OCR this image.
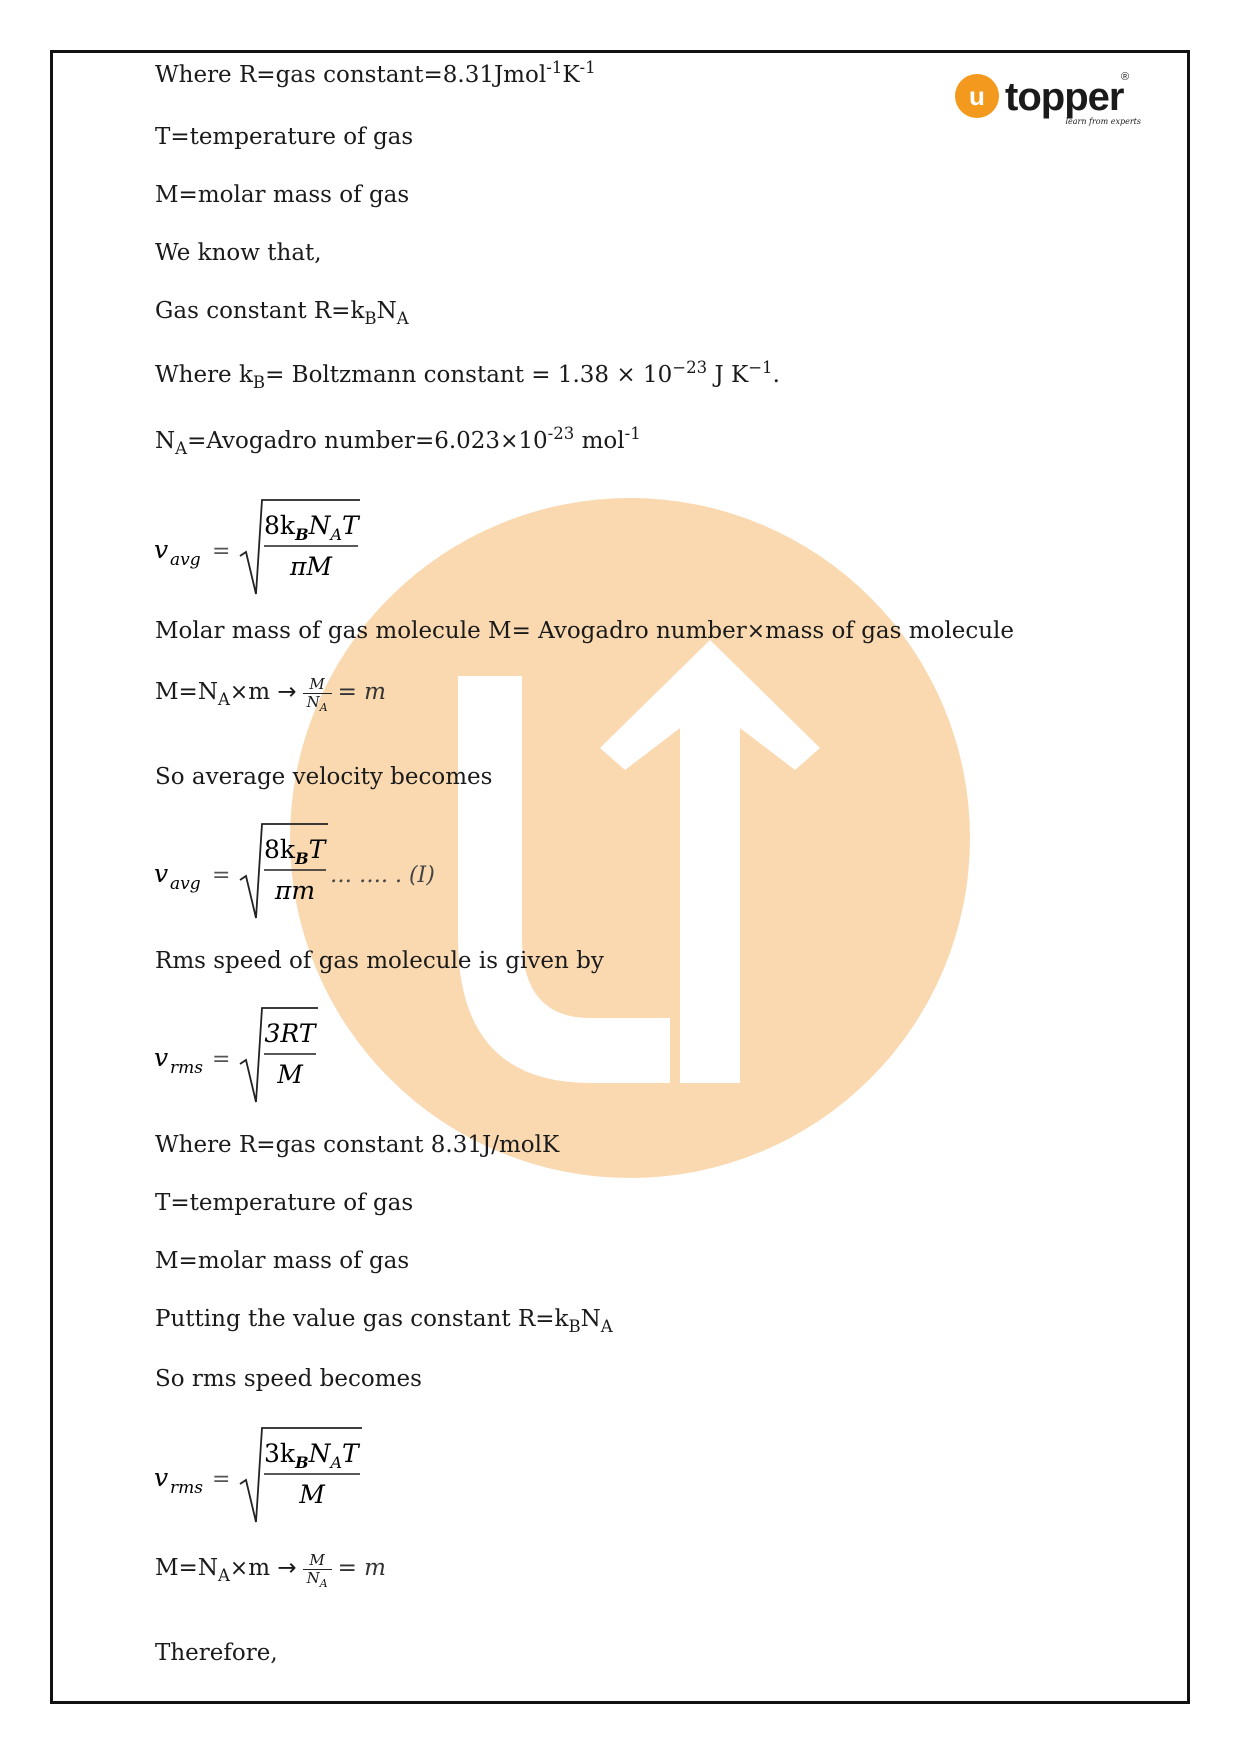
u topper
®
learn from experts
Where R=gas $constant=8.31Jmol^{-1}K^{-1}$
T=temperature of gas
M=molar mass of gas
We know that,
Gas constant $R=k_BN_A$
Where $k_B=$ Boltzmann constant = $1.38 \times 10^{-23}$ J $K^{-1}$.
$N_A=Avogadro$ $number=6.023\times 10^{-23}$ mol$^{-1}$
v avg =
$8k_BN_AT$
πM
Molar mass of gas molecule M= Avogadro number×mass of gas molecule
$M=N_A\times m \to \frac{M}{N_A} = m$
So average velocity becomes
v avg =
$8k_BT$
πm
… …. . (I)
Rms speed of gas molecule is given by
v rms =
3RT
M
Where R=gas constant 8.31J/molK
T=temperature of gas
M=molar mass of gas
Putting the value gas constant $R=k_BN_A$
So rms speed becomes
v rms =
$3k_BN_AT$
M
$M=N_A\times m \to \frac{M}{N_A} = m$
Therefore,
